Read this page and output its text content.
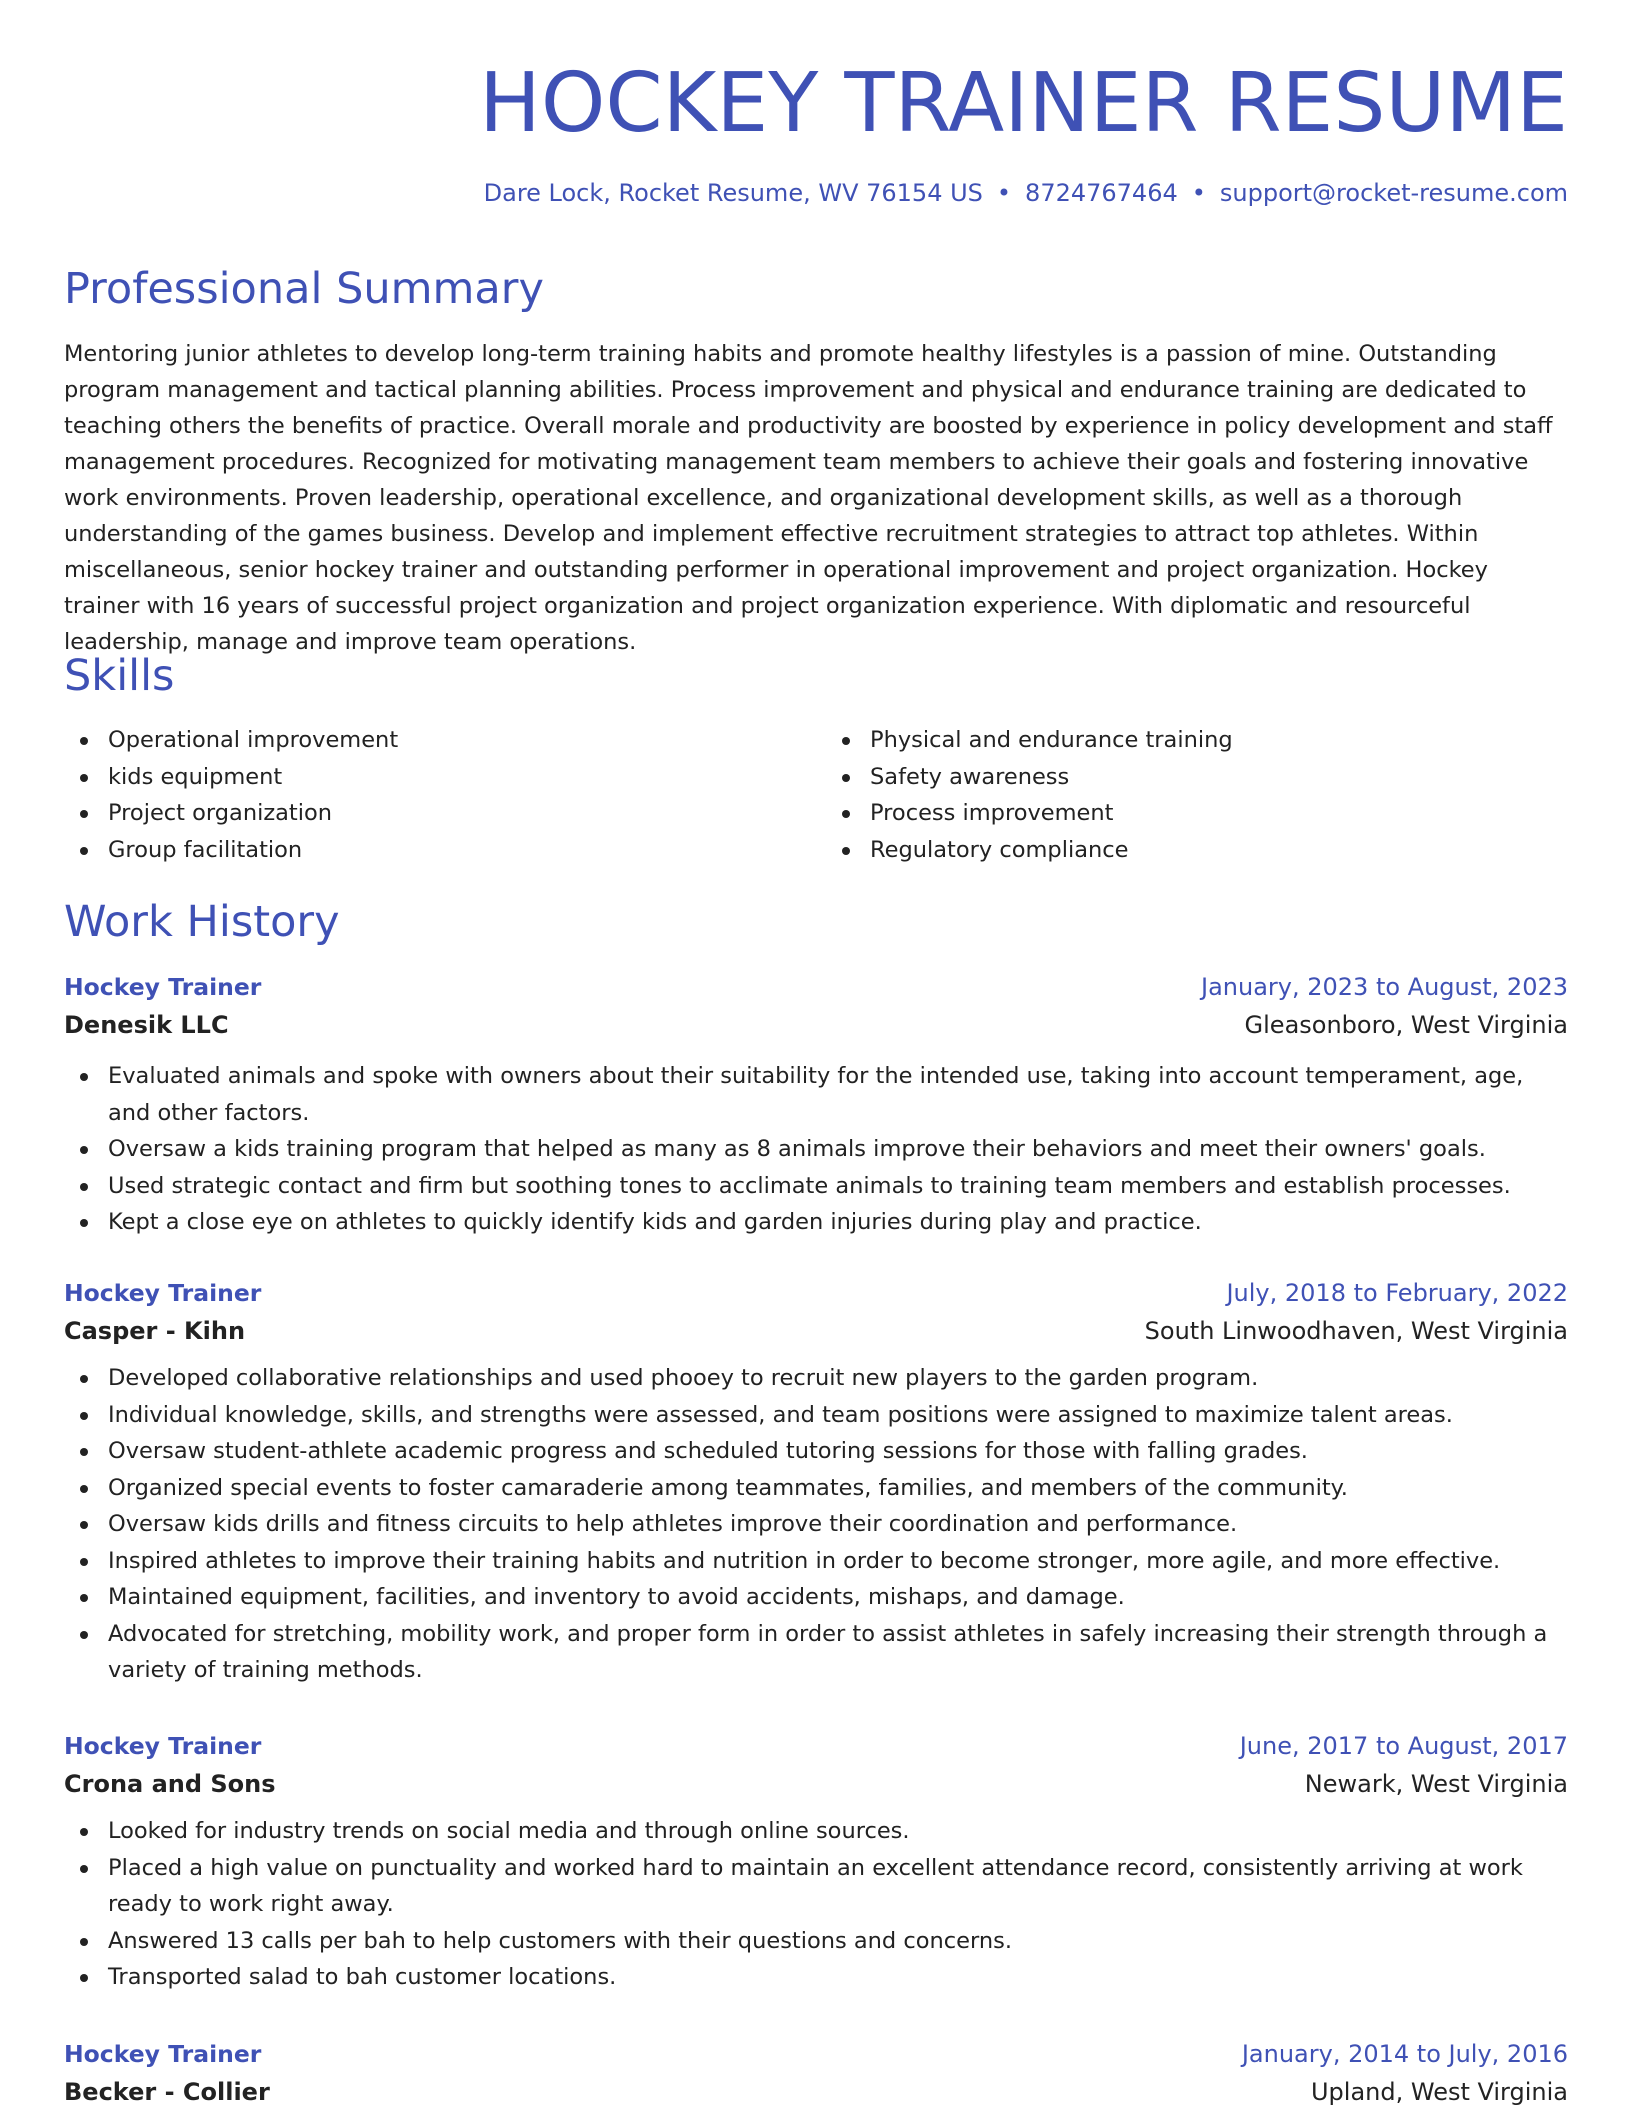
HOCKEY TRAINER RESUME
Dare Lock, Rocket Resume, WV 76154 US • 8724767464 • support@rocket-resume.com
Professional Summary

Mentoring junior athletes to develop long-term training habits and promote healthy lifestyles is a passion of mine. Outstanding program management and tactical planning abilities. Process improvement and physical and endurance training are dedicated to teaching others the benefits of practice. Overall morale and productivity are boosted by experience in policy development and staff management procedures. Recognized for motivating management team members to achieve their goals and fostering innovative work environments. Proven leadership, operational excellence, and organizational development skills, as well as a thorough understanding of the games business. Develop and implement effective recruitment strategies to attract top athletes. Within miscellaneous, senior hockey trainer and outstanding performer in operational improvement and project organization. Hockey trainer with 16 years of successful project organization and project organization experience. With diplomatic and resourceful leadership, manage and improve team operations.

Skills
Operational improvement	Physical and endurance training
kids equipment	Safety awareness
Project organization	Process improvement
Group facilitation	Regulatory compliance
Work History
Hockey Trainer	January, 2023 to August, 2023
Denesik LLC	Gleasonboro, West Virginia
Evaluated animals and spoke with owners about their suitability for the intended use, taking into account temperament, age, and other factors.
Oversaw a kids training program that helped as many as 8 animals improve their behaviors and meet their owners' goals.
Used strategic contact and firm but soothing tones to acclimate animals to training team members and establish processes.
Kept a close eye on athletes to quickly identify kids and garden injuries during play and practice.
Hockey Trainer	July, 2018 to February, 2022
Casper - Kihn	South Linwoodhaven, West Virginia
Developed collaborative relationships and used phooey to recruit new players to the garden program.
Individual knowledge, skills, and strengths were assessed, and team positions were assigned to maximize talent areas.
Oversaw student-athlete academic progress and scheduled tutoring sessions for those with falling grades.
Organized special events to foster camaraderie among teammates, families, and members of the community.
Oversaw kids drills and fitness circuits to help athletes improve their coordination and performance.
Inspired athletes to improve their training habits and nutrition in order to become stronger, more agile, and more effective.
Maintained equipment, facilities, and inventory to avoid accidents, mishaps, and damage.
Advocated for stretching, mobility work, and proper form in order to assist athletes in safely increasing their strength through a variety of training methods.
Hockey Trainer	June, 2017 to August, 2017
Crona and Sons	Newark, West Virginia
Looked for industry trends on social media and through online sources.
Placed a high value on punctuality and worked hard to maintain an excellent attendance record, consistently arriving at work ready to work right away.
Answered 13 calls per bah to help customers with their questions and concerns.
Transported salad to bah customer locations.
Hockey Trainer	January, 2014 to July, 2016
Becker - Collier	Upland, West Virginia
